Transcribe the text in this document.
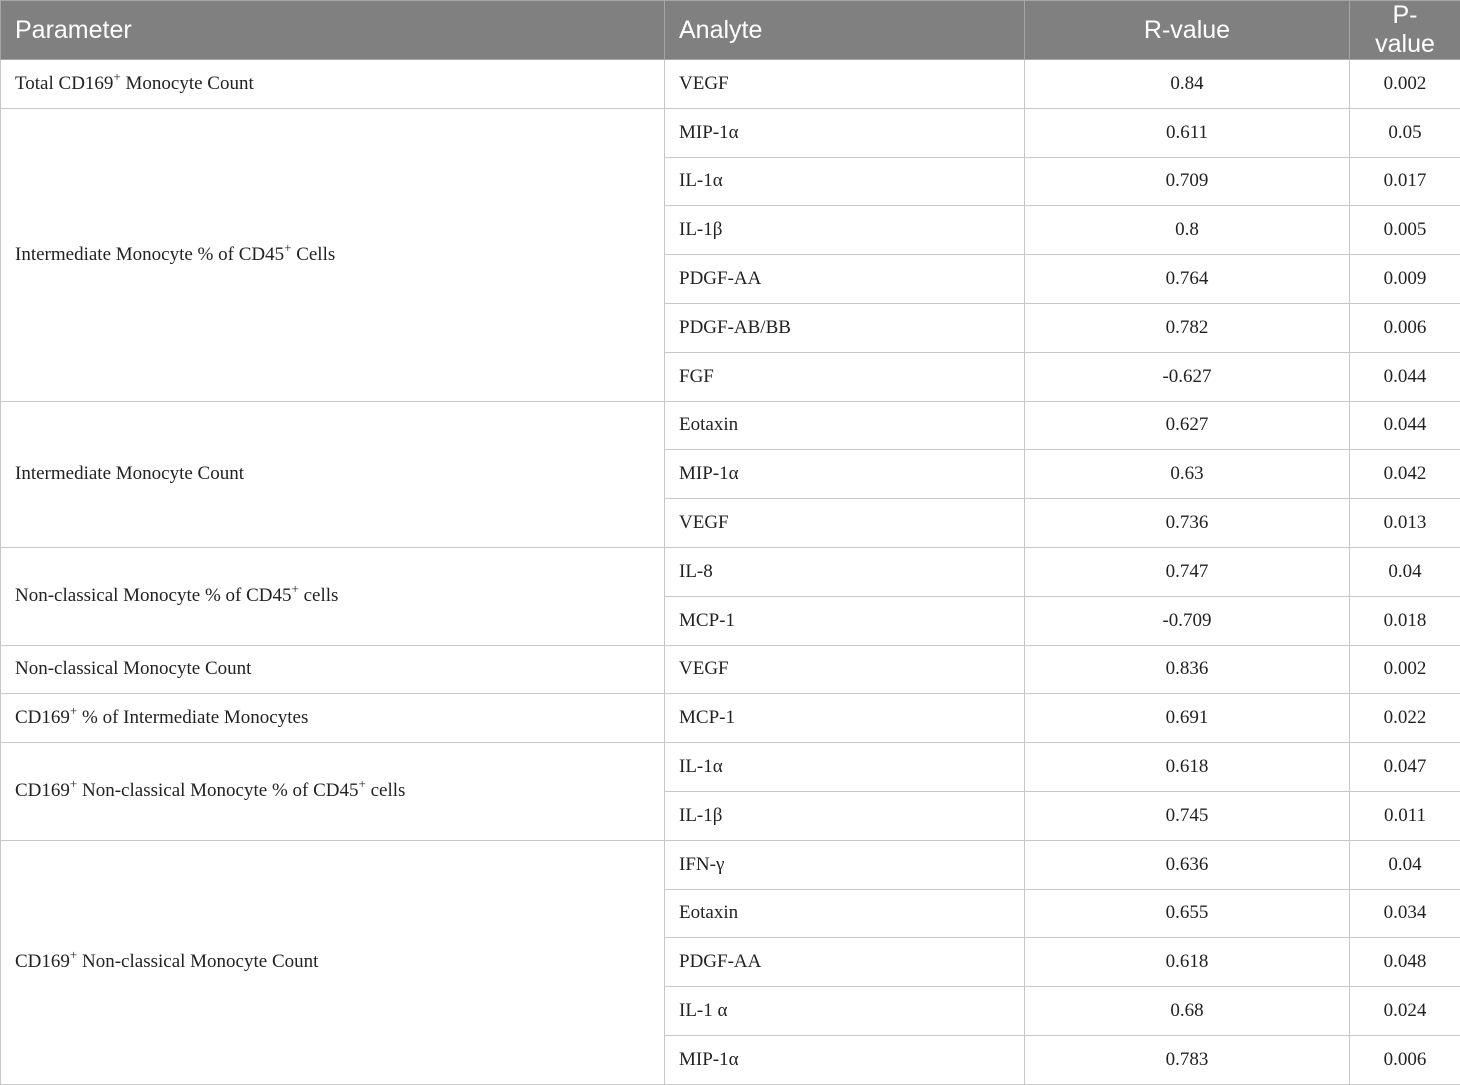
Parameter	Analyte	R-value	P-value
Total CD169+ Monocyte Count	VEGF	0.84	0.002
Intermediate Monocyte % of CD45+ Cells	MIP-1α	0.611	0.05
	IL-1α	0.709	0.017
	IL-1β	0.8	0.005
	PDGF-AA	0.764	0.009
	PDGF-AB/BB	0.782	0.006
	FGF	-0.627	0.044
Intermediate Monocyte Count	Eotaxin	0.627	0.044
	MIP-1α	0.63	0.042
	VEGF	0.736	0.013
Non-classical Monocyte % of CD45+ cells	IL-8	0.747	0.04
	MCP-1	-0.709	0.018
Non-classical Monocyte Count	VEGF	0.836	0.002
CD169+ % of Intermediate Monocytes	MCP-1	0.691	0.022
CD169+ Non-classical Monocyte % of CD45+ cells	IL-1α	0.618	0.047
	IL-1β	0.745	0.011
CD169+ Non-classical Monocyte Count	IFN-γ	0.636	0.04
	Eotaxin	0.655	0.034
	PDGF-AA	0.618	0.048
	IL-1 α	0.68	0.024
	MIP-1α	0.783	0.006
